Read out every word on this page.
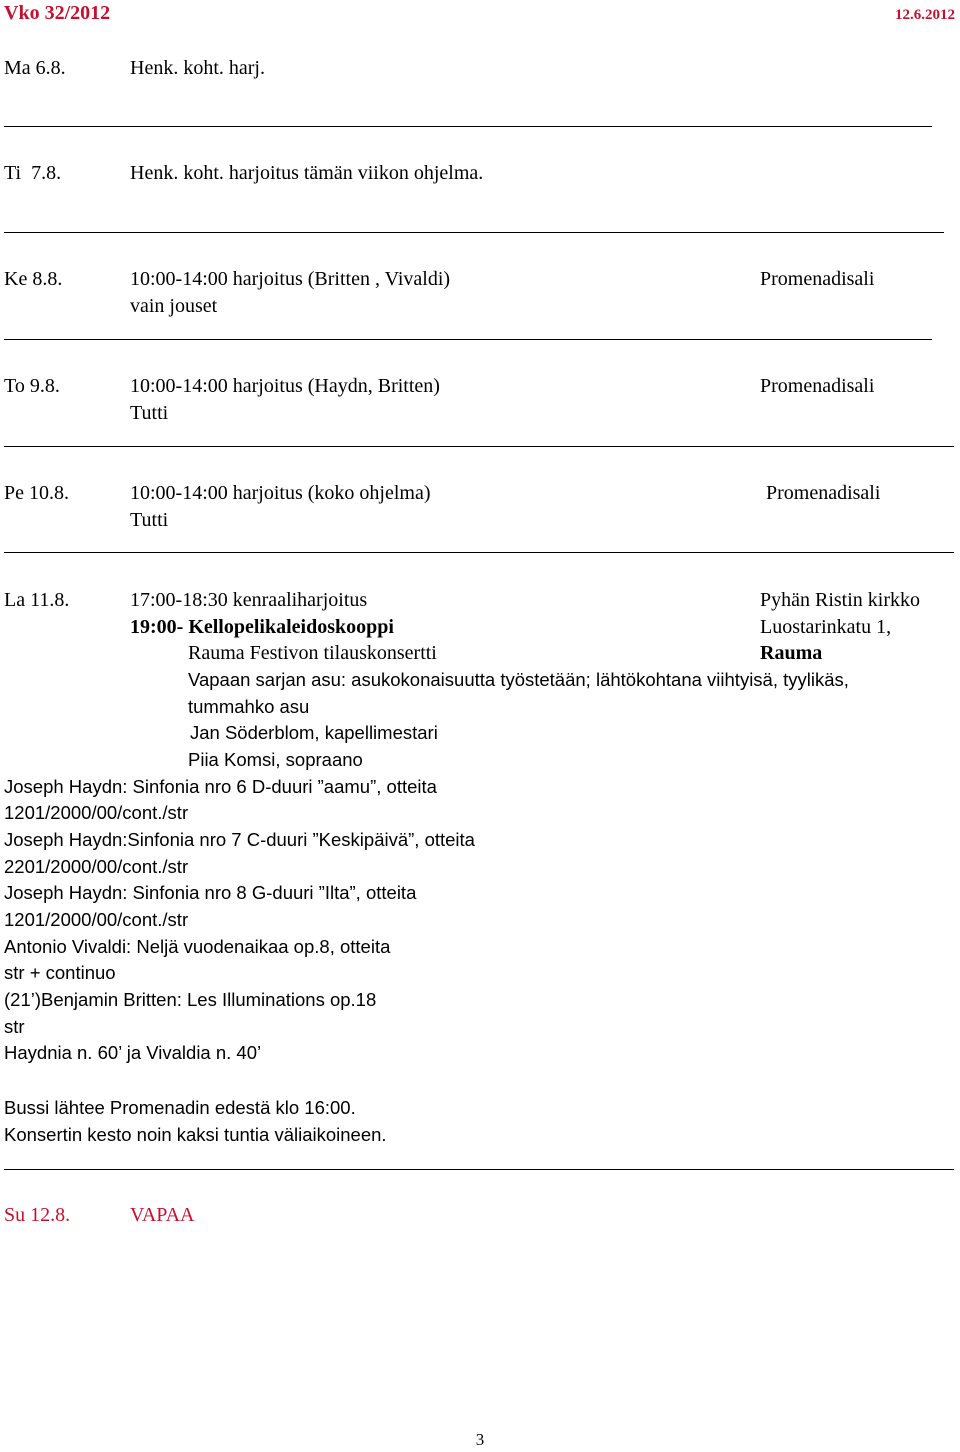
Vko 32/2012	12.6.2012
Ma 6.8.	Henk. koht. harj.
Ti  7.8.	Henk. koht. harjoitus tämän viikon ohjelma.
Ke 8.8.	10:00-14:00 harjoitus (Britten , Vivaldi)	Promenadisali
vain jouset
To 9.8.	10:00-14:00 harjoitus (Haydn, Britten)	Promenadisali
Tutti
Pe 10.8.	10:00-14:00 harjoitus (koko ohjelma)	Promenadisali
Tutti
La 11.8.	17:00-18:30 kenraaliharjoitus	Pyhän Ristin kirkko
19:00- Kellopelikaleidoskooppi	Luostarinkatu 1,
Rauma Festivon tilauskonsertti	Rauma
Vapaan sarjan asu: asukokonaisuutta työstetään; lähtökohtana viihtyisä, tyylikäs,
tummahko asu
Jan Söderblom, kapellimestari
Piia Komsi, sopraano
Joseph Haydn: Sinfonia nro 6 D-duuri ”aamu”, otteita
1201/2000/00/cont./str
Joseph Haydn:Sinfonia nro 7 C-duuri ”Keskipäivä”, otteita
2201/2000/00/cont./str
Joseph Haydn: Sinfonia nro 8 G-duuri ”Ilta”, otteita
1201/2000/00/cont./str
Antonio Vivaldi: Neljä vuodenaikaa op.8, otteita
str + continuo
(21’)Benjamin Britten: Les Illuminations op.18
str
Haydnia n. 60’ ja Vivaldia n. 40’
Bussi lähtee Promenadin edestä klo 16:00.
Konsertin kesto noin kaksi tuntia väliaikoineen.
Su 12.8.	VAPAA
3
